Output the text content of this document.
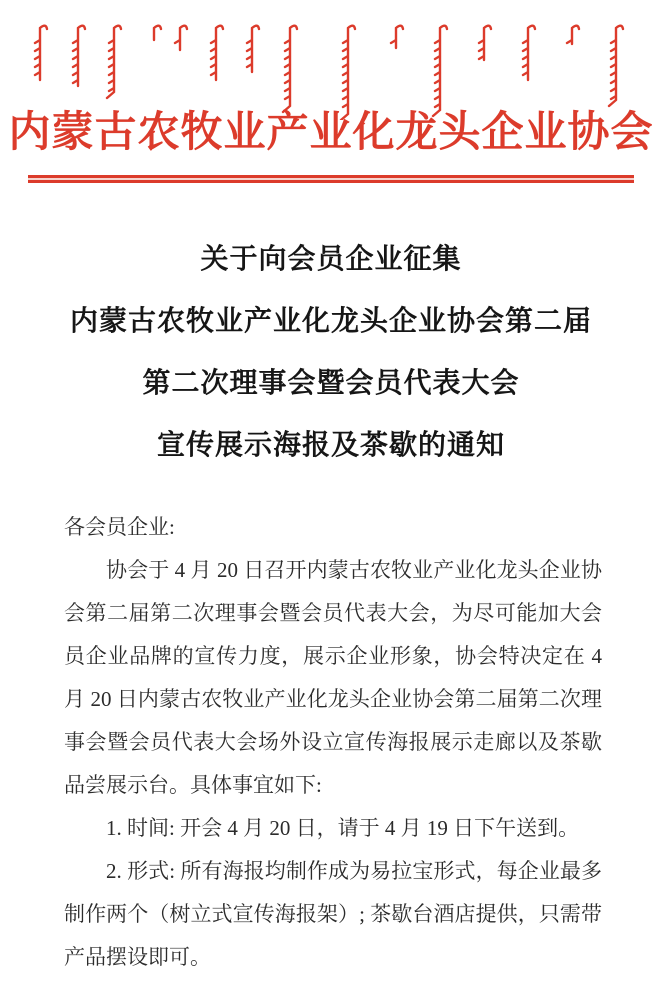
内蒙古农牧业产业化龙头企业协会
关于向会员企业征集
内蒙古农牧业产业化龙头企业协会第二届
第二次理事会暨会员代表大会
宣传展示海报及茶歇的通知

各会员企业:

协会于 4 月 20 日召开内蒙古农牧业产业化龙头企业协会第二届第二次理事会暨会员代表大会，为尽可能加大会员企业品牌的宣传力度，展示企业形象，协会特决定在 4 月 20 日内蒙古农牧业产业化龙头企业协会第二届第二次理事会暨会员代表大会场外设立宣传海报展示走廊以及茶歇品尝展示台。具体事宜如下:

1. 时间: 开会 4 月 20 日，请于 4 月 19 日下午送到。

2. 形式: 所有海报均制作成为易拉宝形式，每企业最多制作两个（树立式宣传海报架）; 茶歇台酒店提供，只需带产品摆设即可。
